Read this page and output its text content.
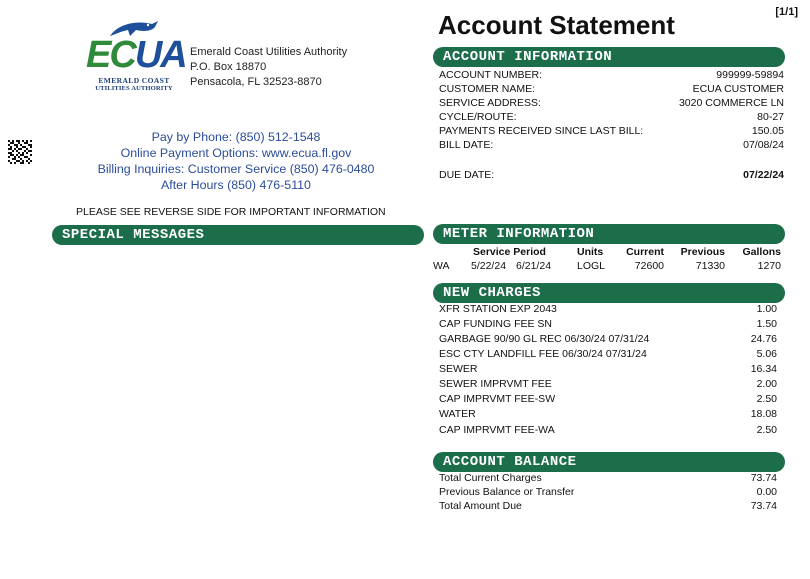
[1/1]
ECUA
EMERALD COAST
UTILITIES AUTHORITY
Emerald Coast Utilities Authority
P.O. Box 18870
Pensacola, FL 32523-8870
Pay by Phone: (850) 512-1548
Online Payment Options: www.ecua.fl.gov
Billing Inquiries: Customer Service (850) 476-0480
After Hours (850) 476-5110
PLEASE SEE REVERSE SIDE FOR IMPORTANT INFORMATION
SPECIAL MESSAGES
Account Statement
ACCOUNT INFORMATION
ACCOUNT NUMBER:	999999-59894
CUSTOMER NAME:	ECUA CUSTOMER
SERVICE ADDRESS:	3020 COMMERCE LN
CYCLE/ROUTE:	80-27
PAYMENTS RECEIVED SINCE LAST BILL:	150.05
BILL DATE:	07/08/24
DUE DATE:	07/22/24
METER INFORMATION
Service Period	Units Current Previous Gallons
WA 5/22/24 6/21/24 LOGL	72600	71330	1270
NEW CHARGES
XFR STATION EXP 2043	1.00
CAP FUNDING FEE SN	1.50
GARBAGE 90/90 GL REC 06/30/24 07/31/24	24.76
ESC CTY LANDFILL FEE 06/30/24 07/31/24	5.06
SEWER	16.34
SEWER IMPRVMT FEE	2.00
CAP IMPRVMT FEE-SW	2.50
WATER	18.08
CAP IMPRVMT FEE-WA	2.50
ACCOUNT BALANCE
Total Current Charges	73.74
Previous Balance or Transfer	0.00
Total Amount Due	73.74
